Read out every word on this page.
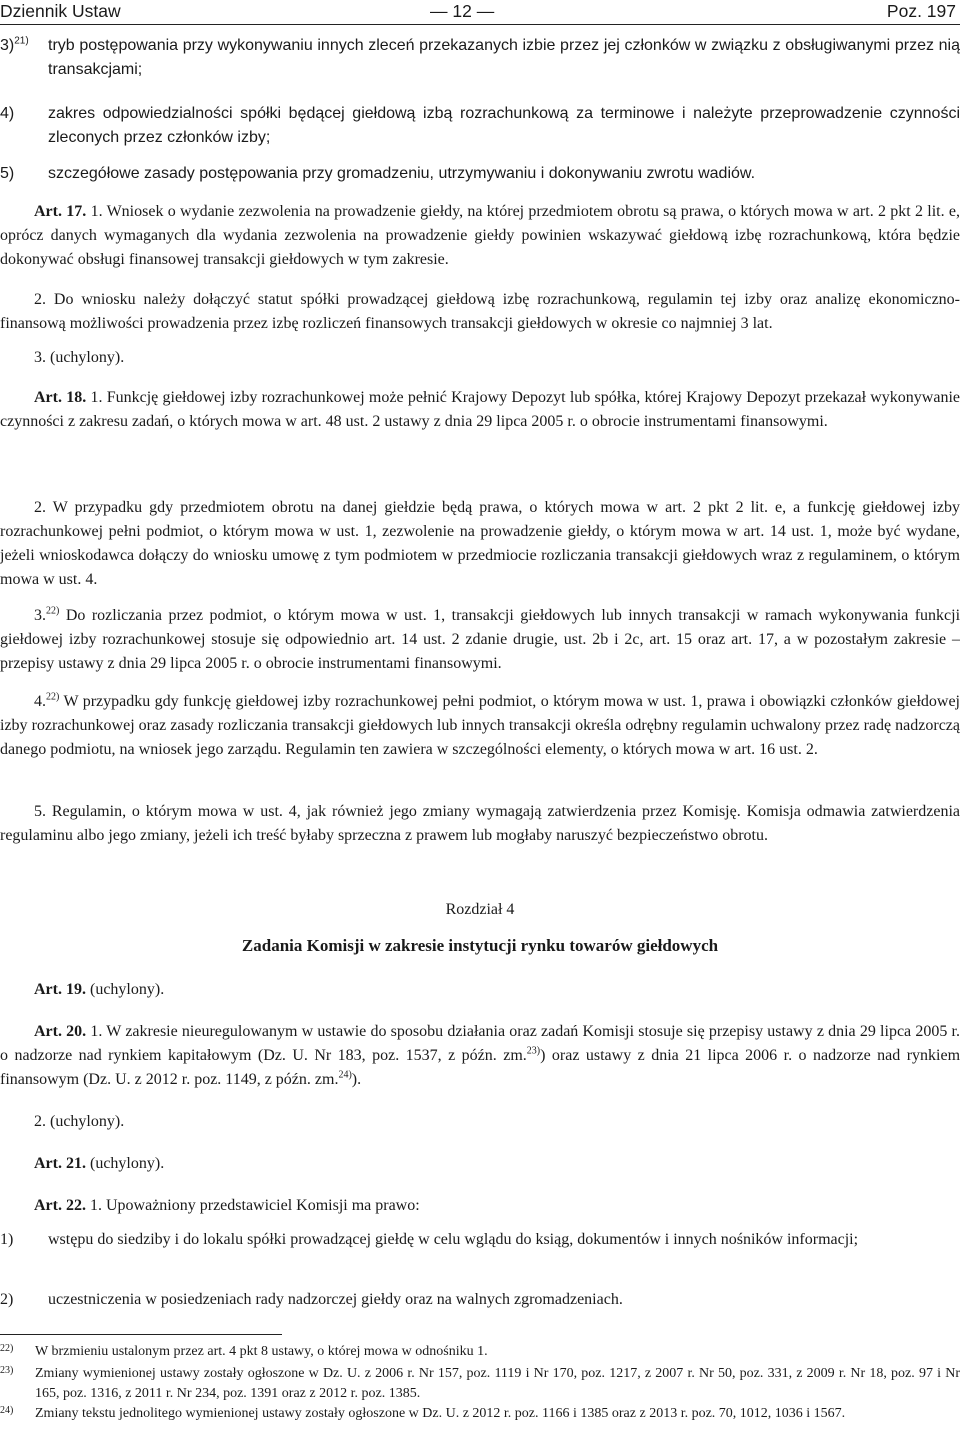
Dziennik Ustaw	— 12 —	Poz. 197
3)$^{21)}$ tryb postępowania przy wykonywaniu innych zleceń przekazanych izbie przez jej członków w związku z obsługiwanymi przez nią transakcjami;
4) zakres odpowiedzialności spółki będącej giełdową izbą rozrachunkową za terminowe i należyte przeprowadzenie czynności zleconych przez członków izby;
5) szczegółowe zasady postępowania przy gromadzeniu, utrzymywaniu i dokonywaniu zwrotu wadiów.
Art. 17. 1. Wniosek o wydanie zezwolenia na prowadzenie giełdy, na której przedmiotem obrotu są prawa, o których mowa w art. 2 pkt 2 lit. e, oprócz danych wymaganych dla wydania zezwolenia na prowadzenie giełdy powinien wskazywać giełdową izbę rozrachunkową, która będzie dokonywać obsługi finansowej transakcji giełdowych w tym zakresie.
2. Do wniosku należy dołączyć statut spółki prowadzącej giełdową izbę rozrachunkową, regulamin tej izby oraz analizę ekonomiczno-finansową możliwości prowadzenia przez izbę rozliczeń finansowych transakcji giełdowych w okresie co najmniej 3 lat.
3. (uchylony).
Art. 18. 1. Funkcję giełdowej izby rozrachunkowej może pełnić Krajowy Depozyt lub spółka, której Krajowy Depozyt przekazał wykonywanie czynności z zakresu zadań, o których mowa w art. 48 ust. 2 ustawy z dnia 29 lipca 2005 r. o obrocie instrumentami finansowymi.
2. W przypadku gdy przedmiotem obrotu na danej giełdzie będą prawa, o których mowa w art. 2 pkt 2 lit. e, a funkcję giełdowej izby rozrachunkowej pełni podmiot, o którym mowa w ust. 1, zezwolenie na prowadzenie giełdy, o którym mowa w art. 14 ust. 1, może być wydane, jeżeli wnioskodawca dołączy do wniosku umowę z tym podmiotem w przedmiocie rozliczania transakcji giełdowych wraz z regulaminem, o którym mowa w ust. 4.
3.$^{22)}$ Do rozliczania przez podmiot, o którym mowa w ust. 1, transakcji giełdowych lub innych transakcji w ramach wykonywania funkcji giełdowej izby rozrachunkowej stosuje się odpowiednio art. 14 ust. 2 zdanie drugie, ust. 2b i 2c, art. 15 oraz art. 17, a w pozostałym zakresie – przepisy ustawy z dnia 29 lipca 2005 r. o obrocie instrumentami finansowymi.
4.$^{22)}$ W przypadku gdy funkcję giełdowej izby rozrachunkowej pełni podmiot, o którym mowa w ust. 1, prawa i obowiązki członków giełdowej izby rozrachunkowej oraz zasady rozliczania transakcji giełdowych lub innych transakcji określa odrębny regulamin uchwalony przez radę nadzorczą danego podmiotu, na wniosek jego zarządu. Regulamin ten zawiera w szczególności elementy, o których mowa w art. 16 ust. 2.
5. Regulamin, o którym mowa w ust. 4, jak również jego zmiany wymagają zatwierdzenia przez Komisję. Komisja odmawia zatwierdzenia regulaminu albo jego zmiany, jeżeli ich treść byłaby sprzeczna z prawem lub mogłaby naruszyć bezpieczeństwo obrotu.
Rozdział 4
Zadania Komisji w zakresie instytucji rynku towarów giełdowych
Art. 19. (uchylony).
Art. 20. 1. W zakresie nieuregulowanym w ustawie do sposobu działania oraz zadań Komisji stosuje się przepisy ustawy z dnia 29 lipca 2005 r. o nadzorze nad rynkiem kapitałowym (Dz. U. Nr 183, poz. 1537, z późn. zm.$^{23)}$) oraz ustawy z dnia 21 lipca 2006 r. o nadzorze nad rynkiem finansowym (Dz. U. z 2012 r. poz. 1149, z późn. zm.$^{24)}$).
2. (uchylony).
Art. 21. (uchylony).
Art. 22. 1. Upoważniony przedstawiciel Komisji ma prawo:
1) wstępu do siedziby i do lokalu spółki prowadzącej giełdę w celu wglądu do ksiąg, dokumentów i innych nośników informacji;
2) uczestniczenia w posiedzeniach rady nadzorczej giełdy oraz na walnych zgromadzeniach.
22) W brzmieniu ustalonym przez art. 4 pkt 8 ustawy, o której mowa w odnośniku 1.
23) Zmiany wymienionej ustawy zostały ogłoszone w Dz. U. z 2006 r. Nr 157, poz. 1119 i Nr 170, poz. 1217, z 2007 r. Nr 50, poz. 331, z 2009 r. Nr 18, poz. 97 i Nr 165, poz. 1316, z 2011 r. Nr 234, poz. 1391 oraz z 2012 r. poz. 1385.
24) Zmiany tekstu jednolitego wymienionej ustawy zostały ogłoszone w Dz. U. z 2012 r. poz. 1166 i 1385 oraz z 2013 r. poz. 70, 1012, 1036 i 1567.
